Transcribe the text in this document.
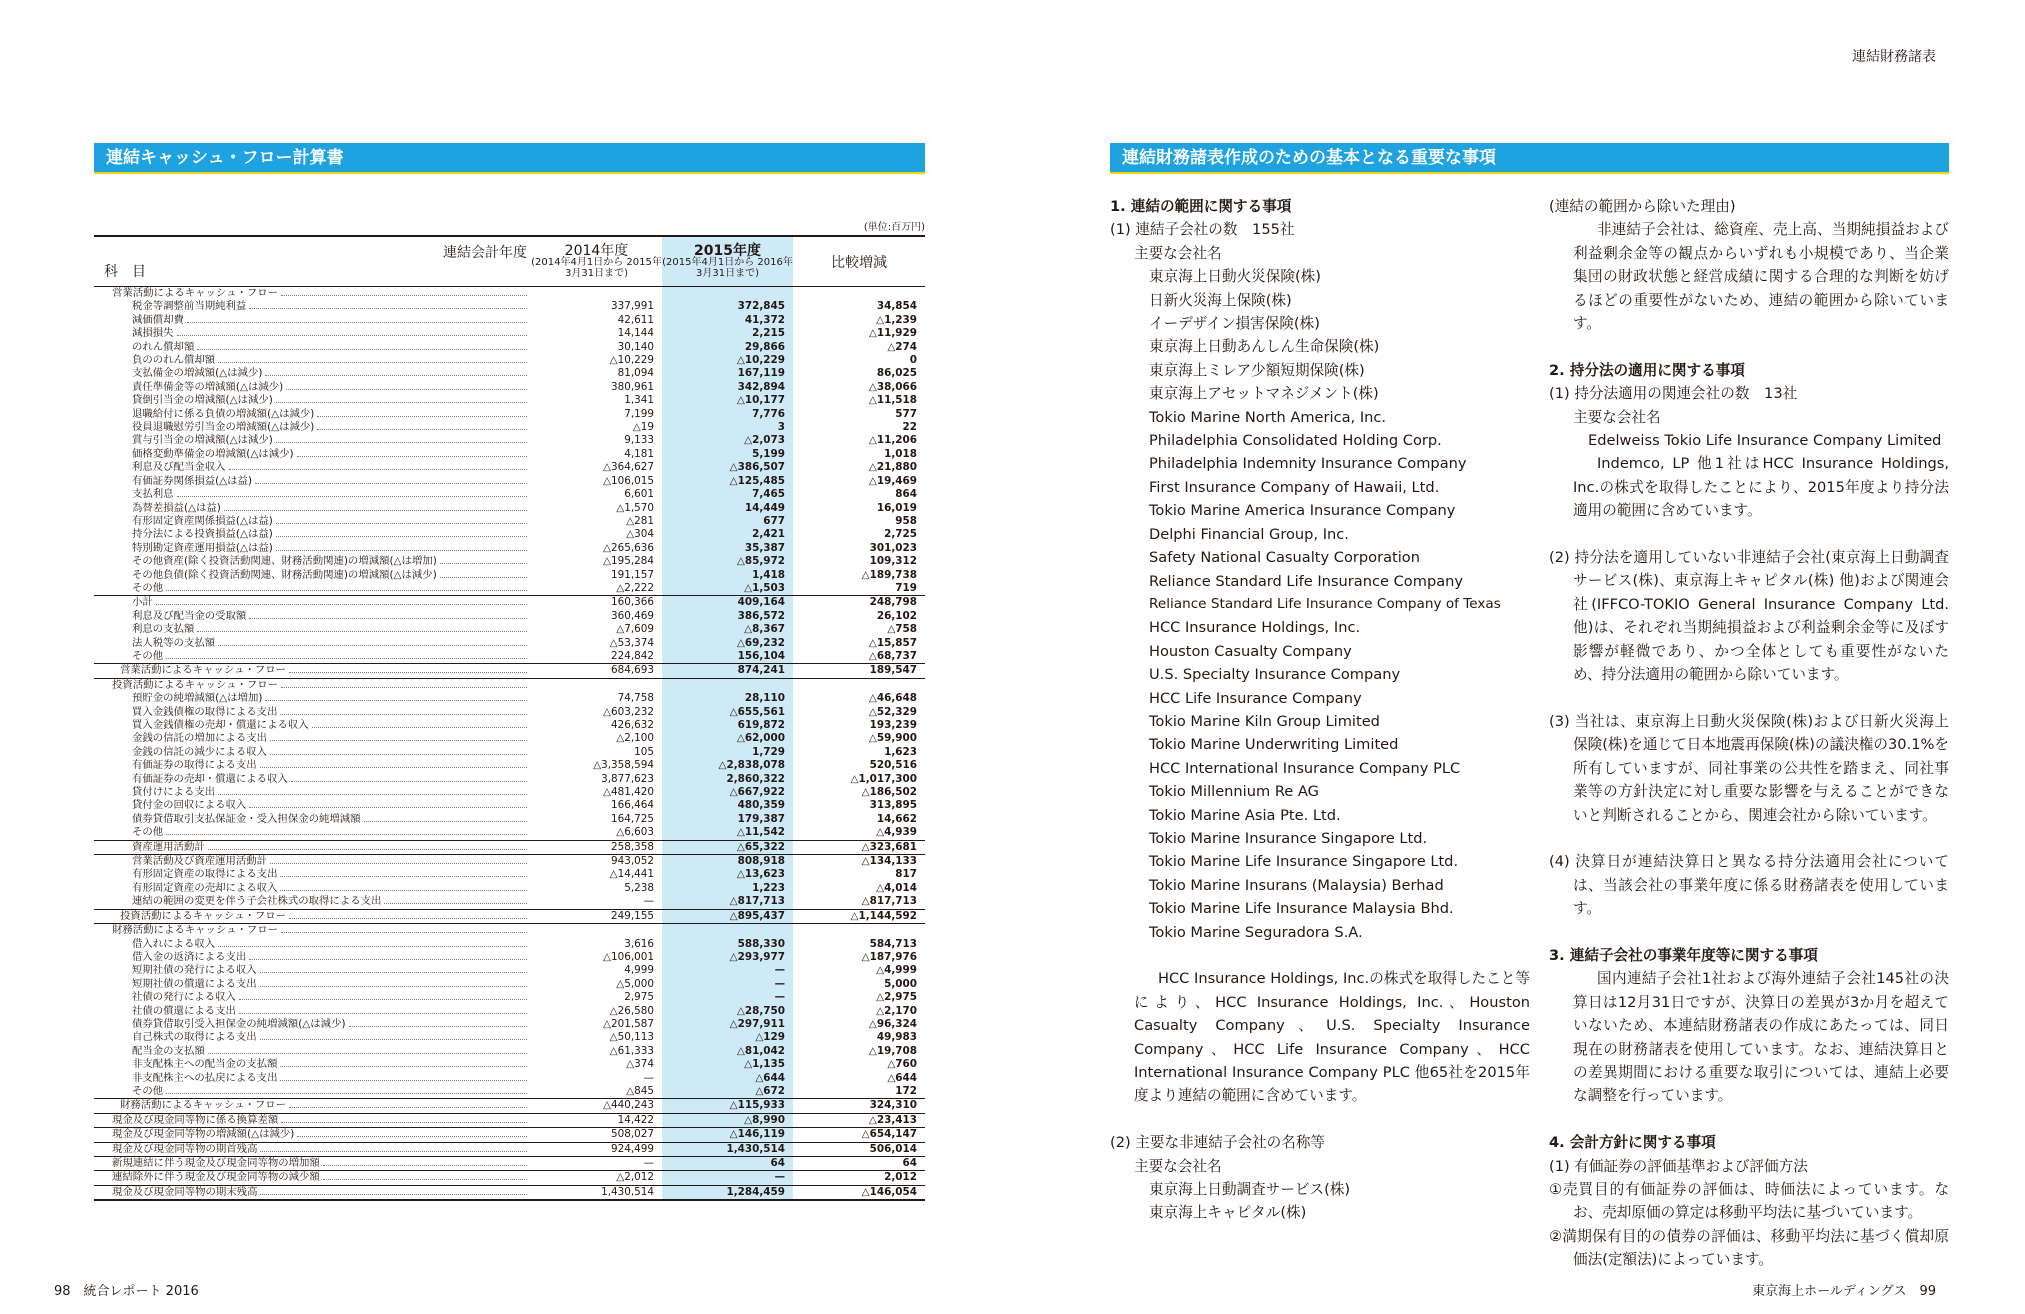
連結財務諸表
連結キャッシュ・フロー計算書
(単位:百万円)
連結会計年度
科　目	2014年度
(2014年4月1日から 2015年3月31日まで)	2015年度
(2015年4月1日から 2016年3月31日まで)	比較増減

営業活動によるキャッシュ・フロー			

税金等調整前当期純利益	337,991	372,845	34,854

減価償却費	42,611	41,372	△1,239

減損損失	14,144	2,215	△11,929

のれん償却額	30,140	29,866	△274

負ののれん償却額	△10,229	△10,229	0

支払備金の増減額(△は減少)	81,094	167,119	86,025

責任準備金等の増減額(△は減少)	380,961	342,894	△38,066

貸倒引当金の増減額(△は減少)	1,341	△10,177	△11,518

退職給付に係る負債の増減額(△は減少)	7,199	7,776	577

役員退職慰労引当金の増減額(△は減少)	△19	3	22

賞与引当金の増減額(△は減少)	9,133	△2,073	△11,206

価格変動準備金の増減額(△は減少)	4,181	5,199	1,018

利息及び配当金収入	△364,627	△386,507	△21,880

有価証券関係損益(△は益)	△106,015	△125,485	△19,469

支払利息	6,601	7,465	864

為替差損益(△は益)	△1,570	14,449	16,019

有形固定資産関係損益(△は益)	△281	677	958

持分法による投資損益(△は益)	△304	2,421	2,725

特別勘定資産運用損益(△は益)	△265,636	35,387	301,023

その他資産(除く投資活動関連、財務活動関連)の増減額(△は増加)	△195,284	△85,972	109,312

その他負債(除く投資活動関連、財務活動関連)の増減額(△は減少)	191,157	1,418	△189,738

その他	△2,222	△1,503	719

小計	160,366	409,164	248,798

利息及び配当金の受取額	360,469	386,572	26,102

利息の支払額	△7,609	△8,367	△758

法人税等の支払額	△53,374	△69,232	△15,857

その他	224,842	156,104	△68,737

営業活動によるキャッシュ・フロー	684,693	874,241	189,547

投資活動によるキャッシュ・フロー			

預貯金の純増減額(△は増加)	74,758	28,110	△46,648

買入金銭債権の取得による支出	△603,232	△655,561	△52,329

買入金銭債権の売却・償還による収入	426,632	619,872	193,239

金銭の信託の増加による支出	△2,100	△62,000	△59,900

金銭の信託の減少による収入	105	1,729	1,623

有価証券の取得による支出	△3,358,594	△2,838,078	520,516

有価証券の売却・償還による収入	3,877,623	2,860,322	△1,017,300

貸付けによる支出	△481,420	△667,922	△186,502

貸付金の回収による収入	166,464	480,359	313,895

債券貸借取引支払保証金・受入担保金の純増減額	164,725	179,387	14,662

その他	△6,603	△11,542	△4,939

資産運用活動計	258,358	△65,322	△323,681

営業活動及び資産運用活動計	943,052	808,918	△134,133

有形固定資産の取得による支出	△14,441	△13,623	817

有形固定資産の売却による収入	5,238	1,223	△4,014

連結の範囲の変更を伴う子会社株式の取得による支出	—	△817,713	△817,713

投資活動によるキャッシュ・フロー	249,155	△895,437	△1,144,592

財務活動によるキャッシュ・フロー			

借入れによる収入	3,616	588,330	584,713

借入金の返済による支出	△106,001	△293,977	△187,976

短期社債の発行による収入	4,999	—	△4,999

短期社債の償還による支出	△5,000	—	5,000

社債の発行による収入	2,975	—	△2,975

社債の償還による支出	△26,580	△28,750	△2,170

債券貸借取引受入担保金の純増減額(△は減少)	△201,587	△297,911	△96,324

自己株式の取得による支出	△50,113	△129	49,983

配当金の支払額	△61,333	△81,042	△19,708

非支配株主への配当金の支払額	△374	△1,135	△760

非支配株主への払戻による支出	—	△644	△644

その他	△845	△672	172

財務活動によるキャッシュ・フロー	△440,243	△115,933	324,310

現金及び現金同等物に係る換算差額	14,422	△8,990	△23,413

現金及び現金同等物の増減額(△は減少)	508,027	△146,119	△654,147

現金及び現金同等物の期首残高	924,499	1,430,514	506,014

新規連結に伴う現金及び現金同等物の増加額	—	64	64

連結除外に伴う現金及び現金同等物の減少額	△2,012	—	2,012

現金及び現金同等物の期末残高	1,430,514	1,284,459	△146,054
連結財務諸表作成のための基本となる重要な事項

1. 連結の範囲に関する事項

(1) 連結子会社の数　155社

主要な会社名

東京海上日動火災保険(株)

日新火災海上保険(株)

イーデザイン損害保険(株)

東京海上日動あんしん生命保険(株)

東京海上ミレア少額短期保険(株)

東京海上アセットマネジメント(株)

Tokio Marine North America, Inc.

Philadelphia Consolidated Holding Corp.

Philadelphia Indemnity Insurance Company

First Insurance Company of Hawaii, Ltd.

Tokio Marine America Insurance Company

Delphi Financial Group, Inc.

Safety National Casualty Corporation

Reliance Standard Life Insurance Company

Reliance Standard Life Insurance Company of Texas

HCC Insurance Holdings, Inc.

Houston Casualty Company

U.S. Specialty Insurance Company

HCC Life Insurance Company

Tokio Marine Kiln Group Limited

Tokio Marine Underwriting Limited

HCC International Insurance Company PLC

Tokio Millennium Re AG

Tokio Marine Asia Pte. Ltd.

Tokio Marine Insurance Singapore Ltd.

Tokio Marine Life Insurance Singapore Ltd.

Tokio Marine Insurans (Malaysia) Berhad

Tokio Marine Life Insurance Malaysia Bhd.

Tokio Marine Seguradora S.A.

HCC Insurance Holdings, Inc.の株式を取得したこと等により、HCC Insurance Holdings, Inc.、Houston Casualty Company、U.S. Specialty Insurance Company、HCC Life Insurance Company、HCC International Insurance Company PLC 他65社を2015年度より連結の範囲に含めています。

(2) 主要な非連結子会社の名称等

主要な会社名

東京海上日動調査サービス(株)

東京海上キャピタル(株)

(連結の範囲から除いた理由)

非連結子会社は、総資産、売上高、当期純損益および利益剰余金等の観点からいずれも小規模であり、当企業集団の財政状態と経営成績に関する合理的な判断を妨げるほどの重要性がないため、連結の範囲から除いています。

2. 持分法の適用に関する事項

(1) 持分法適用の関連会社の数　13社

主要な会社名

Edelweiss Tokio Life Insurance Company Limited

Indemco, LP 他1社はHCC Insurance Holdings, Inc.の株式を取得したことにより、2015年度より持分法適用の範囲に含めています。

(2) 持分法を適用していない非連結子会社(東京海上日動調査サービス(株)、東京海上キャピタル(株) 他)および関連会社(IFFCO-TOKIO General Insurance Company Ltd. 他)は、それぞれ当期純損益および利益剰余金等に及ぼす影響が軽微であり、かつ全体としても重要性がないため、持分法適用の範囲から除いています。

(3) 当社は、東京海上日動火災保険(株)および日新火災海上保険(株)を通じて日本地震再保険(株)の議決権の30.1%を所有していますが、同社事業の公共性を踏まえ、同社事業等の方針決定に対し重要な影響を与えることができないと判断されることから、関連会社から除いています。

(4) 決算日が連結決算日と異なる持分法適用会社については、当該会社の事業年度に係る財務諸表を使用しています。

3. 連結子会社の事業年度等に関する事項

国内連結子会社1社および海外連結子会社145社の決算日は12月31日ですが、決算日の差異が3か月を超えていないため、本連結財務諸表の作成にあたっては、同日現在の財務諸表を使用しています。なお、連結決算日との差異期間における重要な取引については、連結上必要な調整を行っています。

4. 会計方針に関する事項

(1) 有価証券の評価基準および評価方法

①売買目的有価証券の評価は、時価法によっています。なお、売却原価の算定は移動平均法に基づいています。

②満期保有目的の債券の評価は、移動平均法に基づく償却原価法(定額法)によっています。

98　統合レポート 2016	東京海上ホールディングス　99
